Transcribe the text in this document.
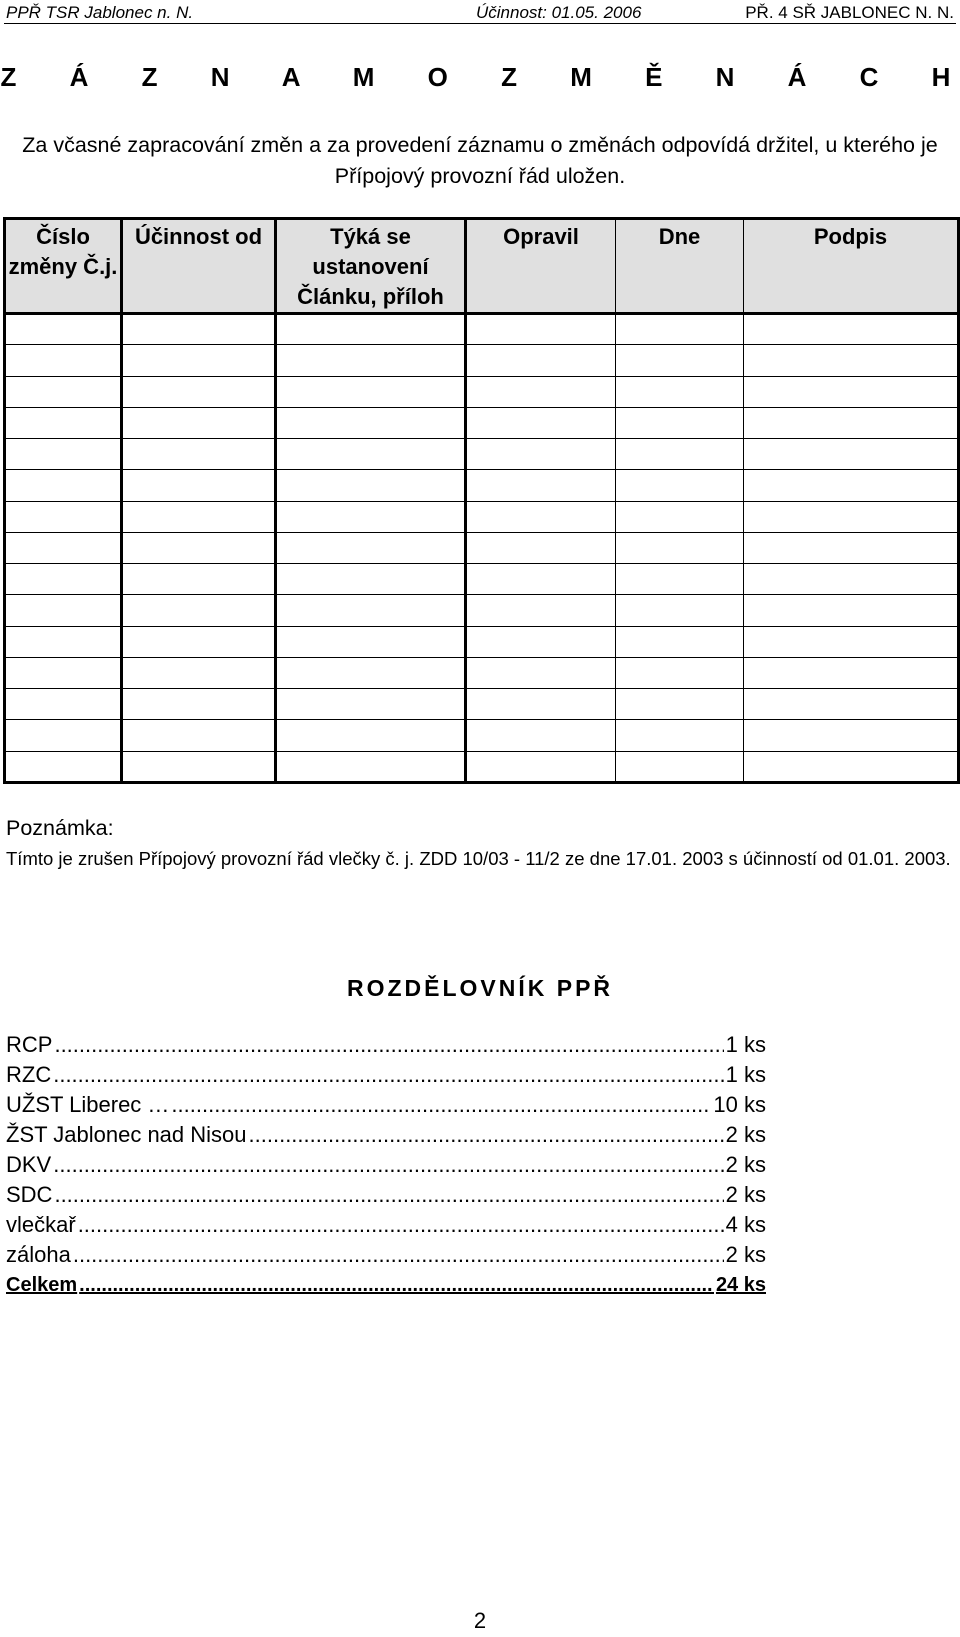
PPŘ TSR Jablonec n. N.	Účinnost: 01.05. 2006	PŘ. 4 SŘ JABLONEC N. N.
Z Á Z N A M O Z M Ě N Á C H
Za včasné zapracování změn a za provedení záznamu o změnách odpovídá držitel, u kterého je Přípojový provozní řád uložen.
Číslo změny Č.j.	Účinnost od	Týká se ustanovení Článku, příloh	Opravil	Dne	Podpis

Poznámka:
Tímto je zrušen Přípojový provozní řád vlečky č. j. ZDD 10/03 - 11/2 ze dne 17.01. 2003 s účinností od 01.01. 2003.
ROZDĚLOVNÍK PPŘ
RCP .....	1 ks
RZC .....	1 ks
UŽST Liberec … .....	10 ks
ŽST Jablonec nad Nisou .....	2 ks
DKV .....	2 ks
SDC .....	2 ks
vlečkař .....	4 ks
záloha .....	2 ks
Celkem .....	24 ks
2
